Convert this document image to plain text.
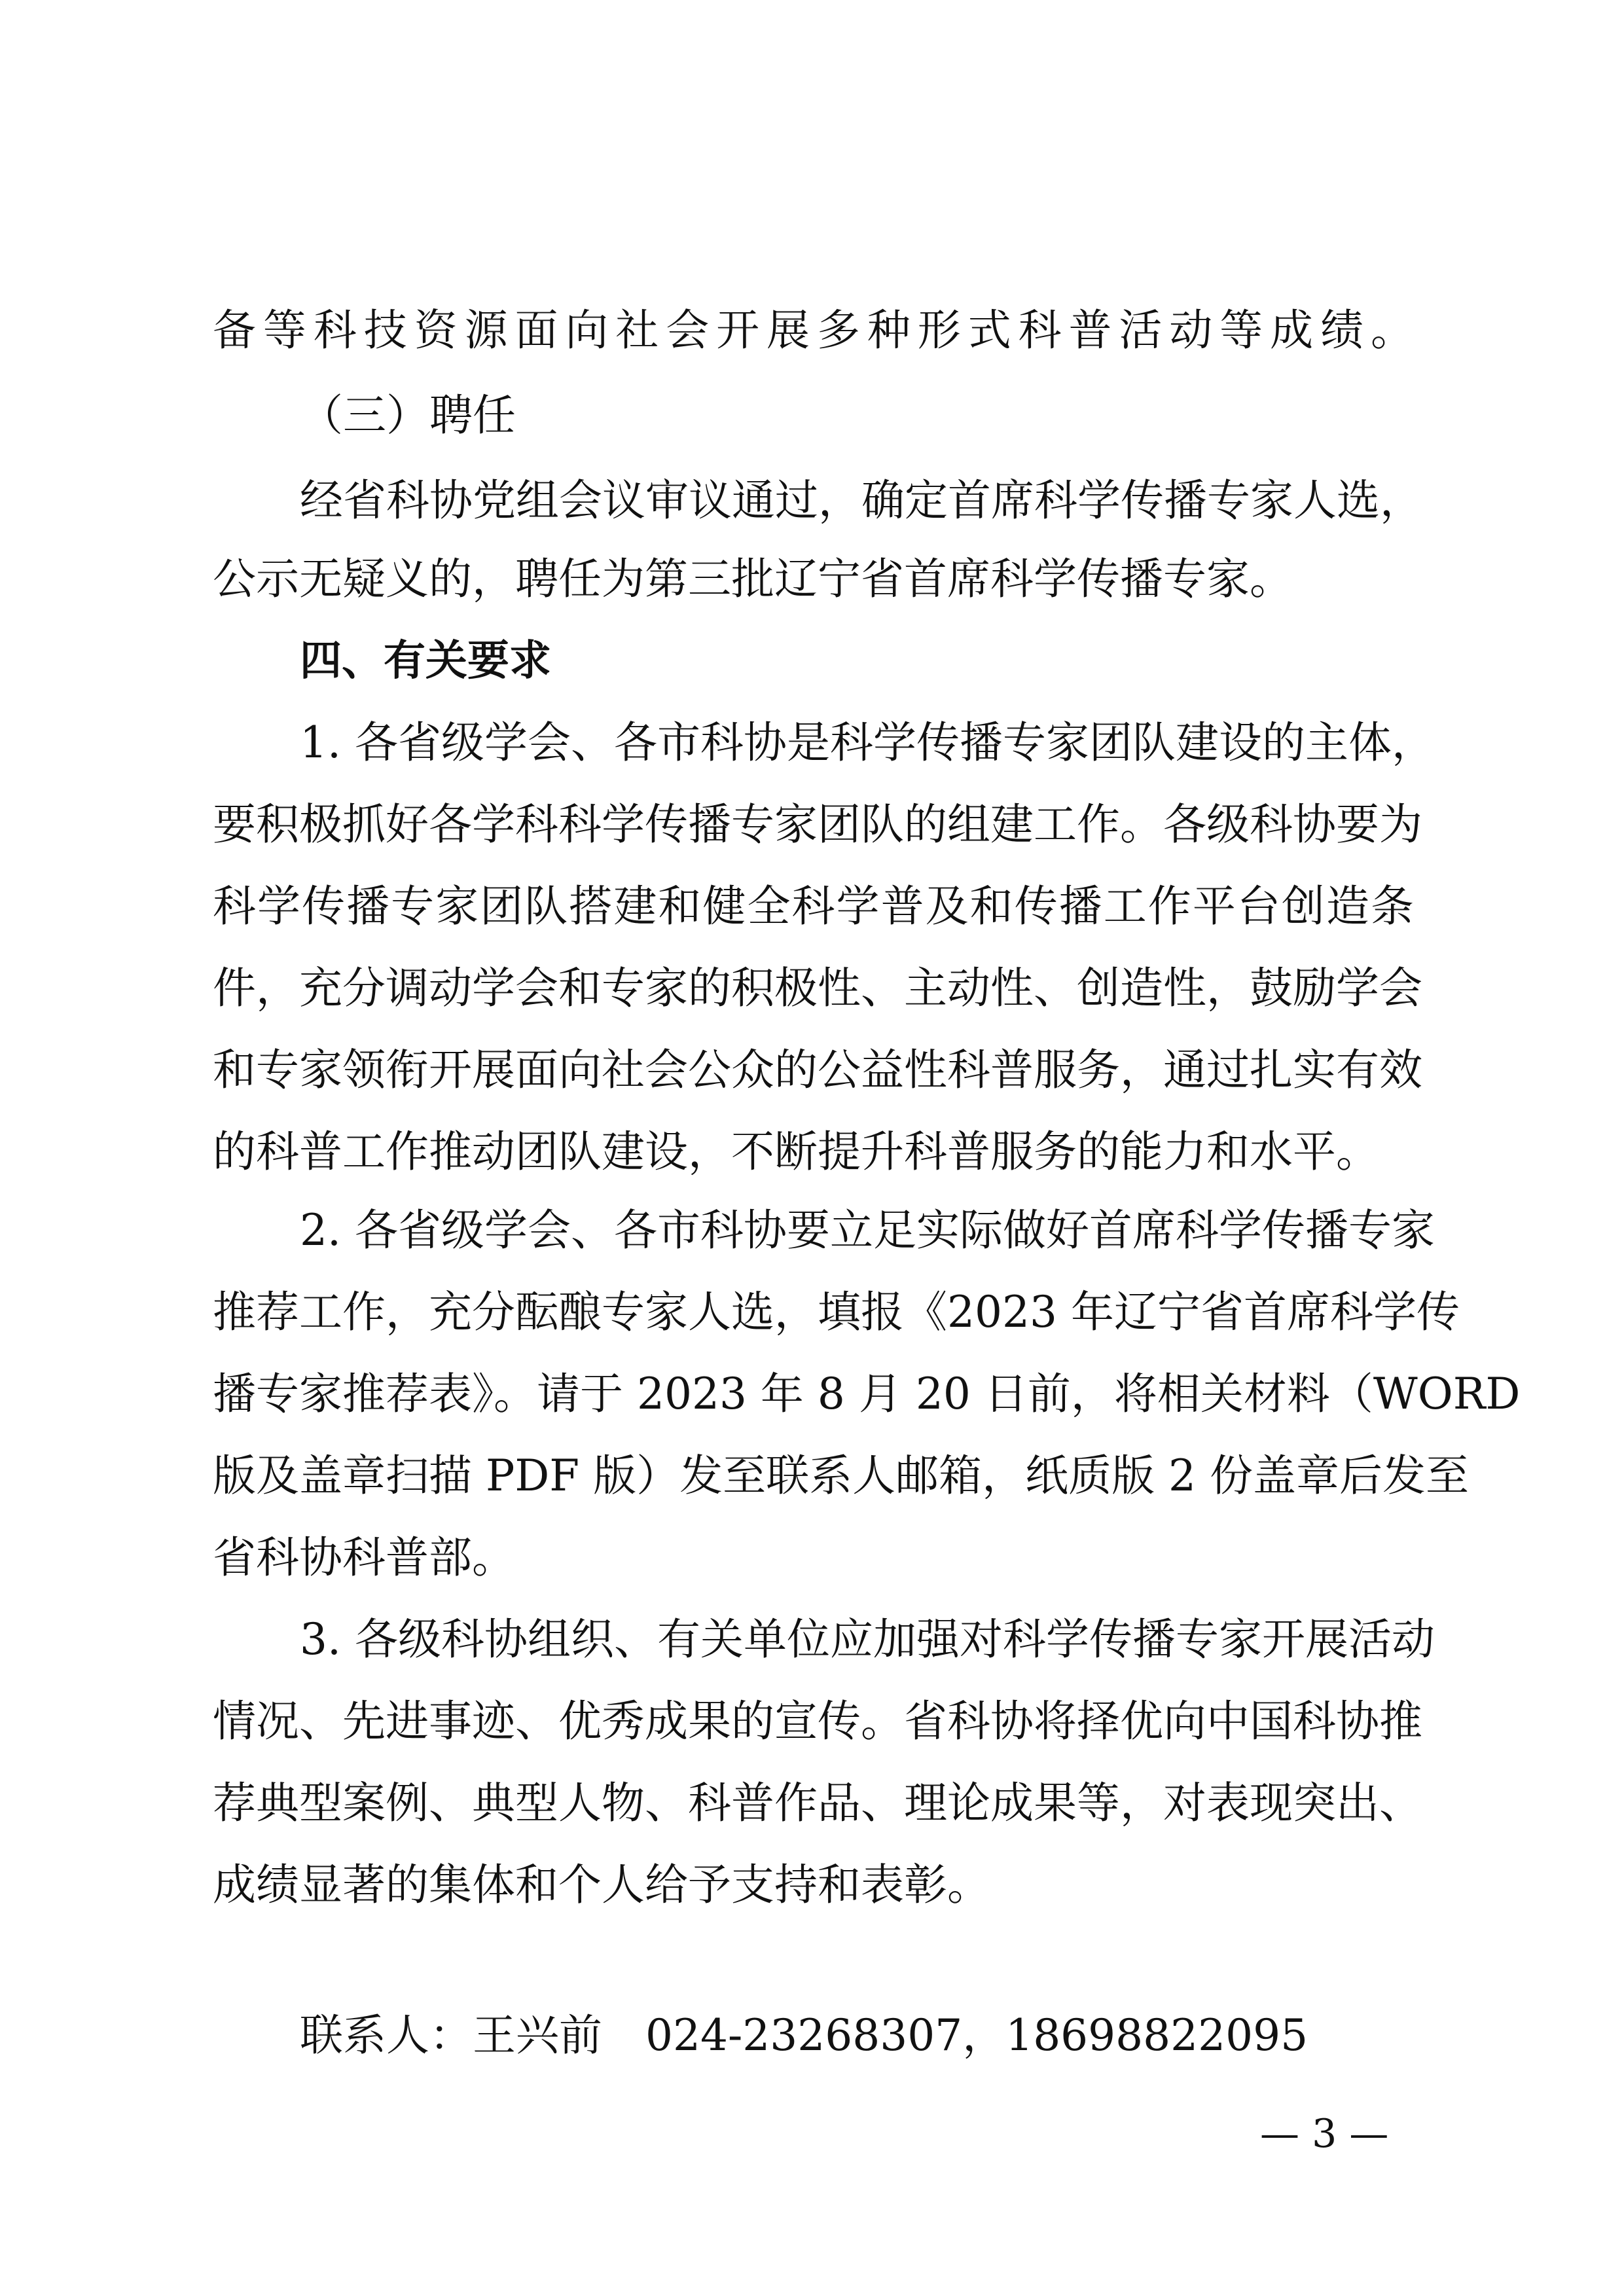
备等科技资源面向社会开展多种形式科普活动等成绩。
（三）聘任
经省科协党组会议审议通过，确定首席科学传播专家人选，
公示无疑义的，聘任为第三批辽宁省首席科学传播专家。
四、有关要求
1. 各省级学会、各市科协是科学传播专家团队建设的主体，
要积极抓好各学科科学传播专家团队的组建工作。各级科协要为
科学传播专家团队搭建和健全科学普及和传播工作平台创造条
件，充分调动学会和专家的积极性、主动性、创造性，鼓励学会
和专家领衔开展面向社会公众的公益性科普服务，通过扎实有效
的科普工作推动团队建设，不断提升科普服务的能力和水平。
2. 各省级学会、各市科协要立足实际做好首席科学传播专家
推荐工作，充分酝酿专家人选，填报《2023 年辽宁省首席科学传
播专家推荐表》。请于 2023 年 8 月 20 日前，将相关材料（WORD
版及盖章扫描 PDF 版）发至联系人邮箱，纸质版 2 份盖章后发至
省科协科普部。
3. 各级科协组织、有关单位应加强对科学传播专家开展活动
情况、先进事迹、优秀成果的宣传。省科协将择优向中国科协推
荐典型案例、典型人物、科普作品、理论成果等，对表现突出、
成绩显著的集体和个人给予支持和表彰。
联系人：王兴前　024-23268307，18698822095
— 3 —
